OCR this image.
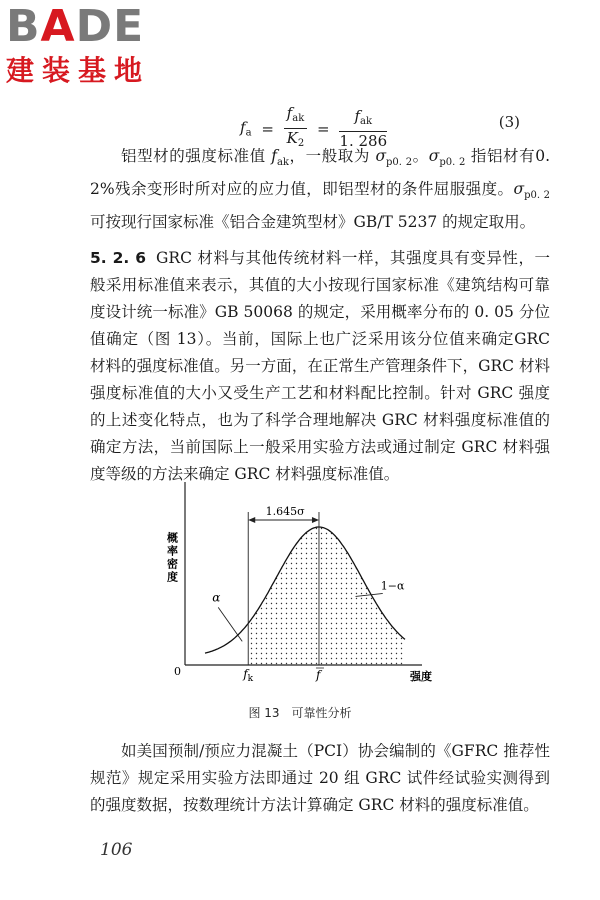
BADE
建装基地
$f_a = \frac{f_{ak}}{K_2} = \frac{f_{ak}}{1. 286}$	(3)
铝型材的强度标准值 $f_{ak}$，一般取为 $\sigma_{p0. 2}$。$\sigma_{p0. 2}$ 指铝材有0. 2%残余变形时所对应的应力值，即铝型材的条件屈服强度。$\sigma_{p0. 2}$ 可按现行国家标准《铝合金建筑型材》GB/T 5237 的规定取用。
5. 2. 6 GRC 材料与其他传统材料一样，其强度具有变异性，一般采用标准值来表示，其值的大小按现行国家标准《建筑结构可靠度设计统一标准》GB 50068 的规定，采用概率分布的 0. 05 分位值确定（图 13）。当前，国际上也广泛采用该分位值来确定GRC 材料的强度标准值。另一方面，在正常生产管理条件下，GRC 材料强度标准值的大小又受生产工艺和材料配比控制。针对 GRC 强度的上述变化特点，也为了科学合理地解决 GRC 材料强度标准值的确定方法，当前国际上一般采用实验方法或通过制定 GRC 材料强度等级的方法来确定 GRC 材料强度标准值。
概率密度
0
1.645σ
α
1−α
$f_k$	f	强度
图 13 可靠性分析
如美国预制/预应力混凝土（PCI）协会编制的《GFRC 推荐性规范》规定采用实验方法即通过 20 组 GRC 试件经试验实测得到的强度数据，按数理统计方法计算确定 GRC 材料的强度标准值。
106
